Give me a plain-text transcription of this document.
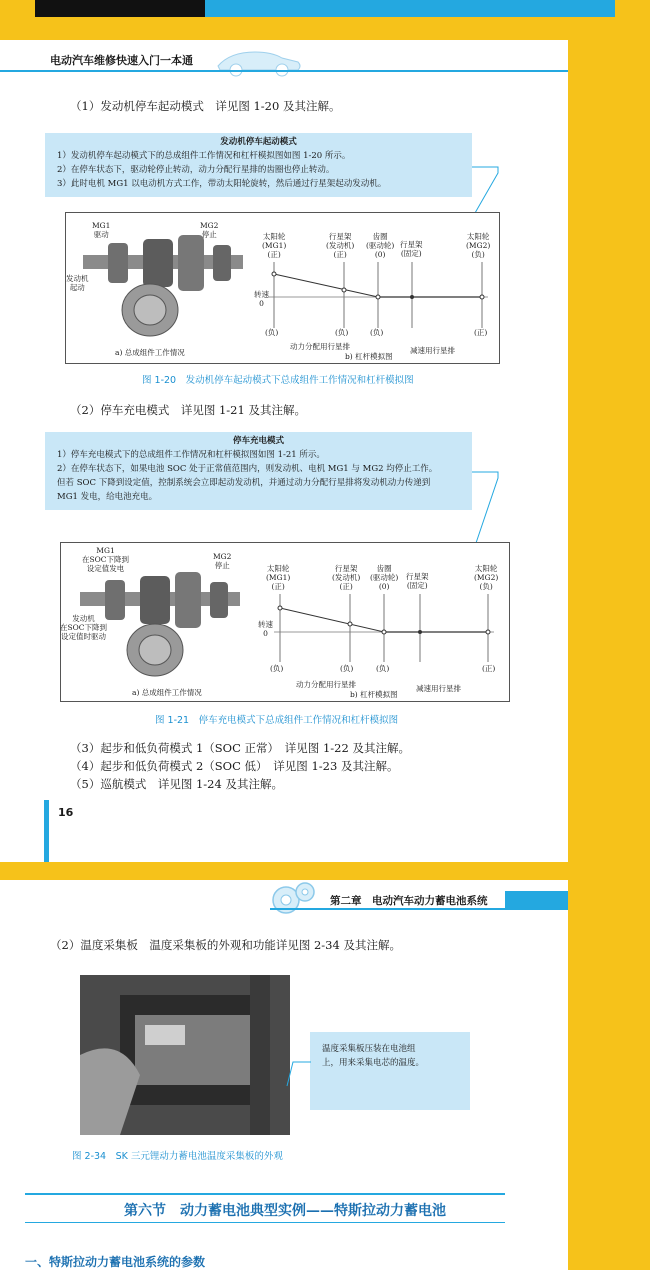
电动汽车维修快速入门一本通
（1）发动机停车起动模式　详见图 1-20 及其注解。
发动机停车起动模式
1）发动机停车起动模式下的总成组件工作情况和杠杆模拟图如图 1-20 所示。
2）在停车状态下，驱动轮停止转动，动力分配行星排的齿圈也停止转动。
3）此时电机 MG1 以电动机方式工作，带动太阳轮旋转，然后通过行星架起动发动机。
MG1
驱动
MG2
停止
发动机
起动
a) 总成组件工作情况
太阳轮
(MG1)
(正)
行星架
(发动机)
(正)
齿圈
(驱动轮)
(0)
行星架
(固定)
太阳轮
(MG2)
(负)
转速
0
(负)	(负)	(负)	(正)
动力分配用行星排	减速用行星排
b) 杠杆模拟图
图 1-20　发动机停车起动模式下总成组件工作情况和杠杆模拟图
（2）停车充电模式　详见图 1-21 及其注解。
停车充电模式
1）停车充电模式下的总成组件工作情况和杠杆模拟图如图 1-21 所示。
2）在停车状态下，如果电池 SOC 处于正常值范围内，则发动机、电机 MG1 与 MG2 均停止工作。
但若 SOC 下降到设定值，控制系统会立即起动发动机，并通过动力分配行星排将发动机动力传递到
MG1 发电，给电池充电。
MG1
在SOC下降到
设定值发电
MG2
停止
发动机
在SOC下降到
设定值时驱动
a) 总成组件工作情况
太阳轮
(MG1)
(正)
行星架
(发动机)
(正)
齿圈
(驱动轮)
(0)
行星架
(固定)
太阳轮
(MG2)
(负)
转速
0
(负)	(负)	(负)	(正)
动力分配用行星排	减速用行星排
b) 杠杆模拟图
图 1-21　停车充电模式下总成组件工作情况和杠杆模拟图
（3）起步和低负荷模式 1（SOC 正常）　详见图 1-22 及其注解。
（4）起步和低负荷模式 2（SOC 低）　详见图 1-23 及其注解。
（5）巡航模式　详见图 1-24 及其注解。
16
第二章　电动汽车动力蓄电池系统
（2）温度采集板　温度采集板的外观和功能详见图 2-34 及其注解。
温度采集板压装在电池组
上，用来采集电芯的温度。
图 2-34　SK 三元锂动力蓄电池温度采集板的外观
第六节　动力蓄电池典型实例——特斯拉动力蓄电池
一、特斯拉动力蓄电池系统的参数
